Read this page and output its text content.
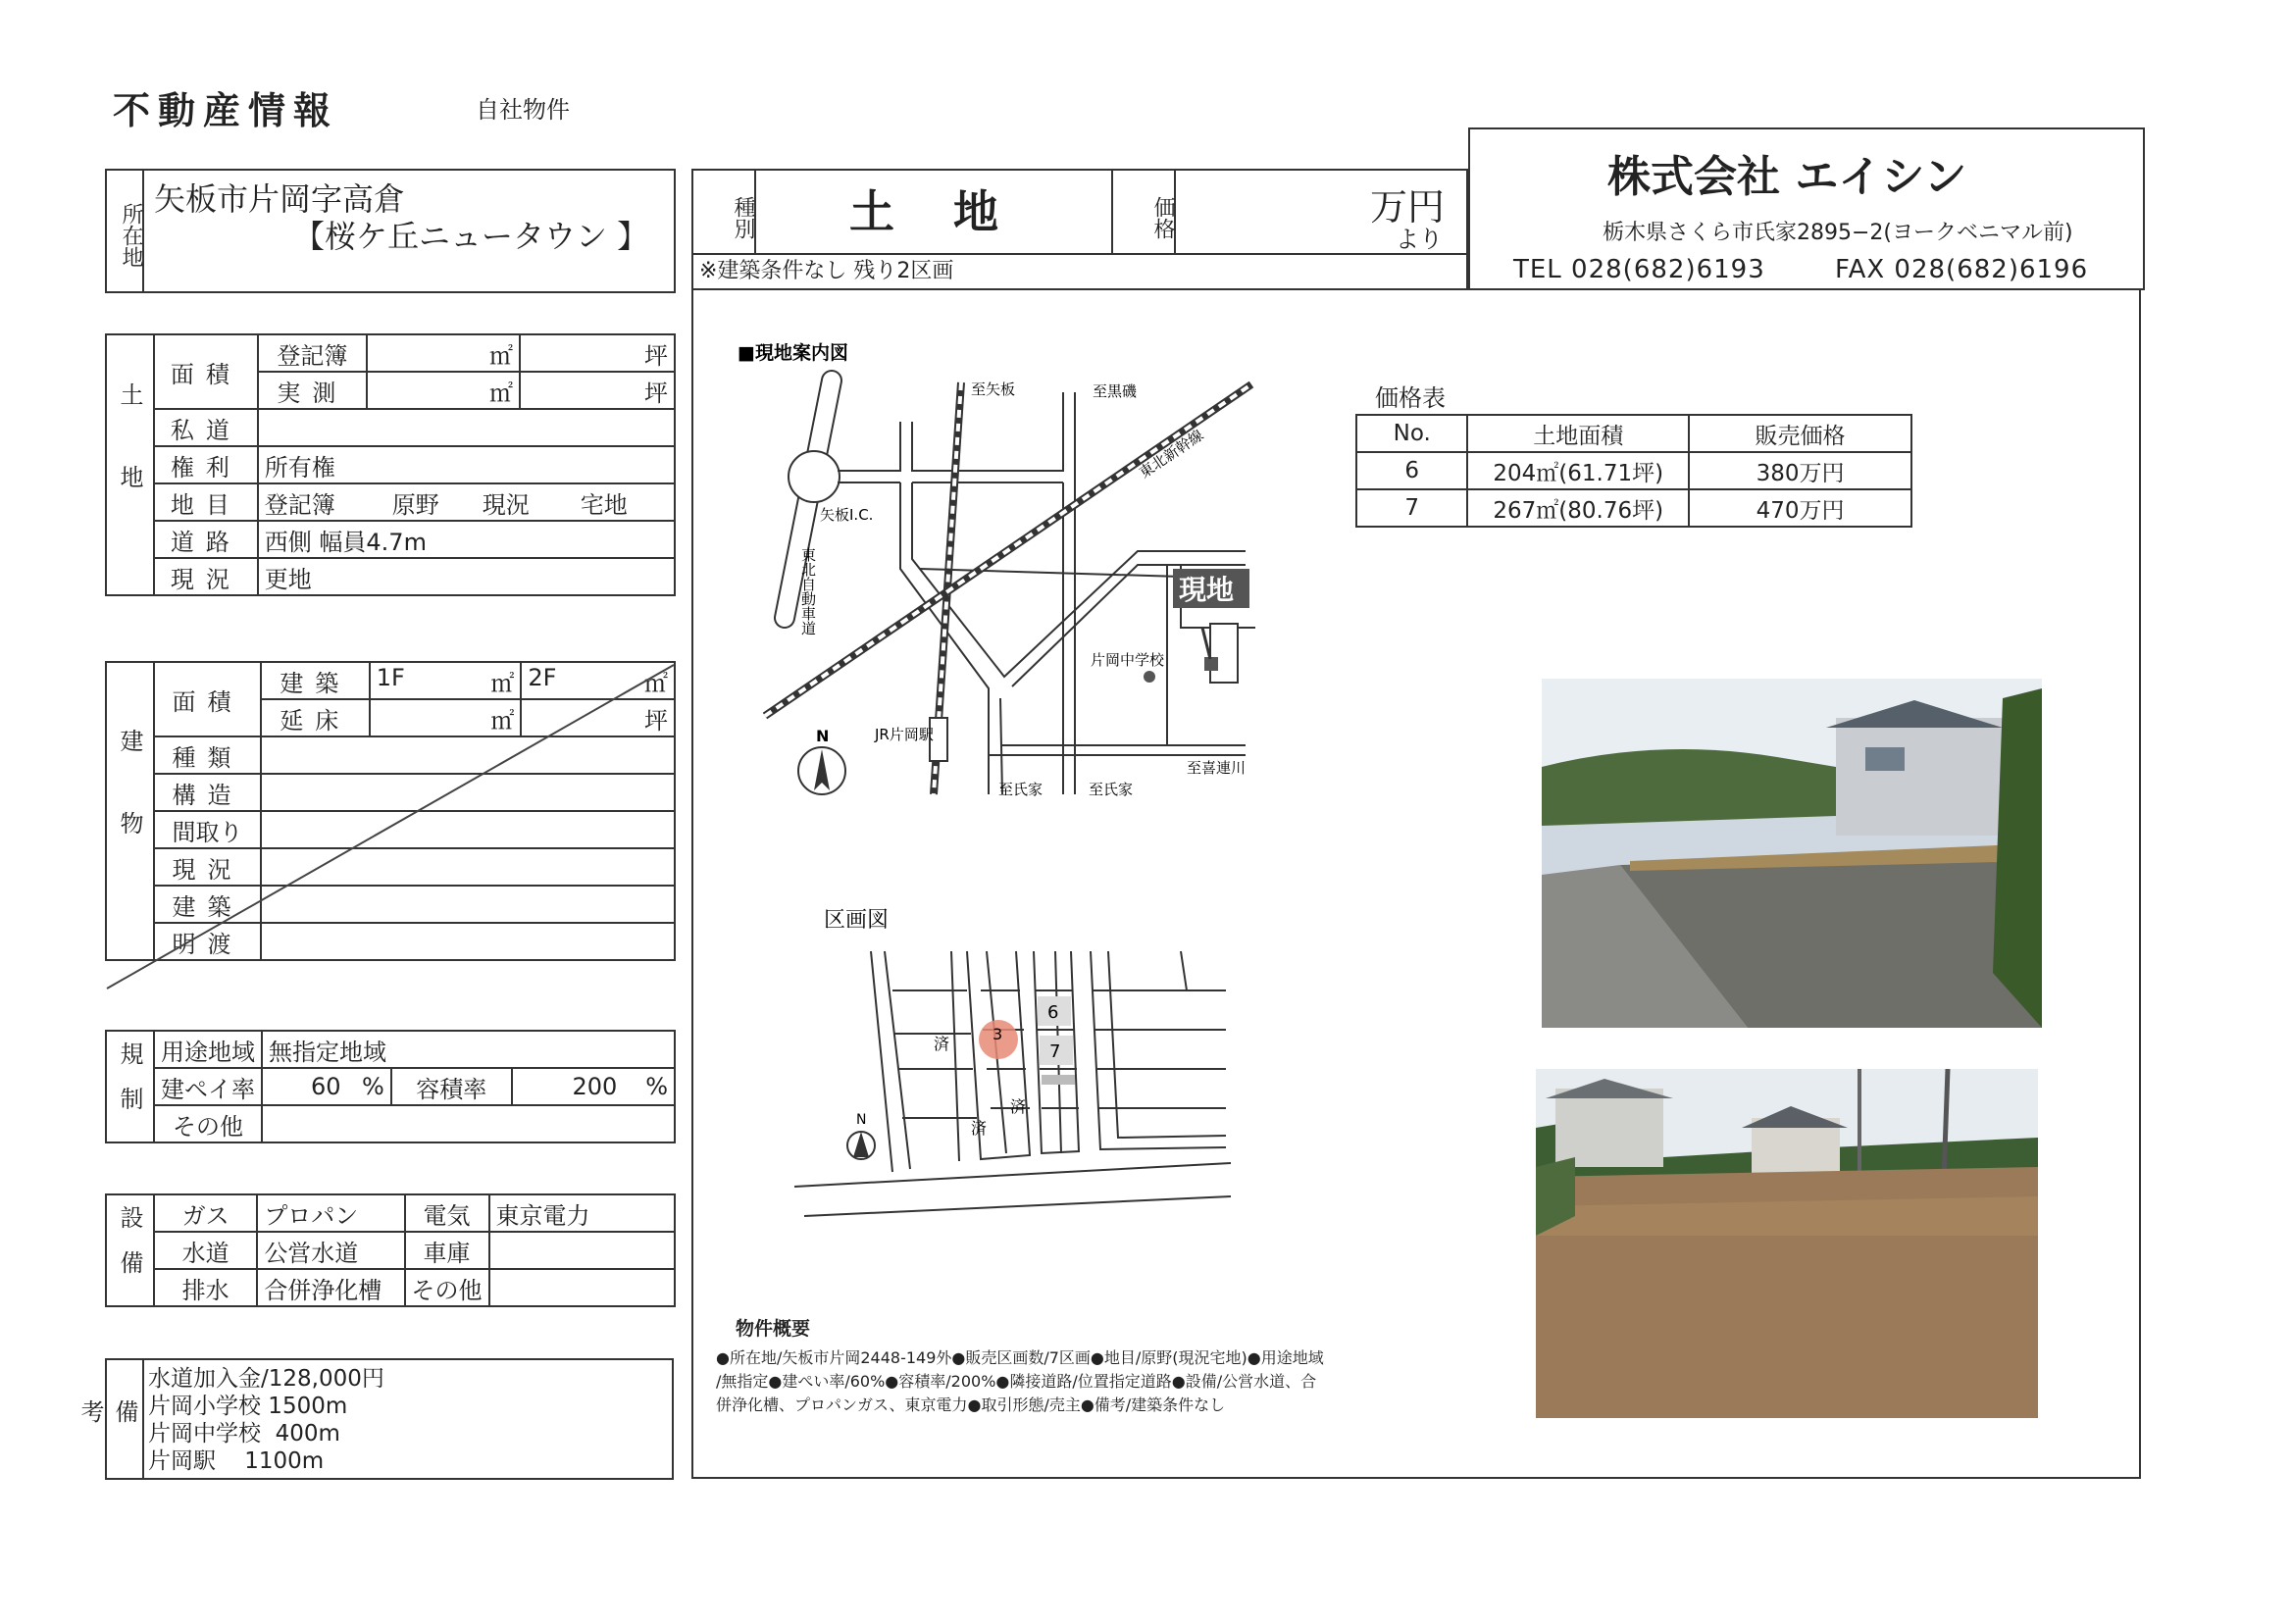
不動産情報	自社物件
所在地
矢板市片岡字高倉
【桜ケ丘ニュータウン 】	種別	土 地	価格	万円
より
※建築条件なし 残り2区画
株式会社 エイシン
栃木県さくら市氏家2895−2(ヨークベニマル前)
TEL 028(682)6193	FAX 028(682)6196
土地	面積	登記簿	㎡	坪
		実測	㎡	坪
	私道			
	権利	所有権		
	地目	登記簿 原野 現況 宅地		
	道路	西側 幅員4.7m		
	現況	更地		
建物	面積	建築	1F ㎡	2F ㎡

		延床	㎡	坪
	種類			
	構造			
	間取り			
	現況			
	建築			
	明渡			
規制	用途地域	無指定地域				
	建ペイ率	60	%	容積率	200	%
	その他					
設備	ガス	プロパン	電気	東京電力
	水道	公営水道	車庫	
	排水	合併浄化槽	その他	
備考
水道加入金/128,000円
片岡小学校 1500m
片岡中学校  400m
片岡駅    1100m
■現地案内図
現地
片岡中学校
至矢板	至黒磯
東北新幹線
矢板I.C.
東北自動車道
JR片岡駅
至氏家	至氏家
至喜連川
N
区画図
3
6
7
済
済
済
N
価格表
No.	土地面積	販売価格
6	204㎡(61.71坪)	380万円
7	267㎡(80.76坪)	470万円
物件概要
●所在地/矢板市片岡2448-149外●販売区画数/7区画●地目/原野(現況宅地)●用途地域
/無指定●建ぺい率/60%●容積率/200%●隣接道路/位置指定道路●設備/公営水道、合
併浄化槽、プロパンガス、東京電力●取引形態/売主●備考/建築条件なし
